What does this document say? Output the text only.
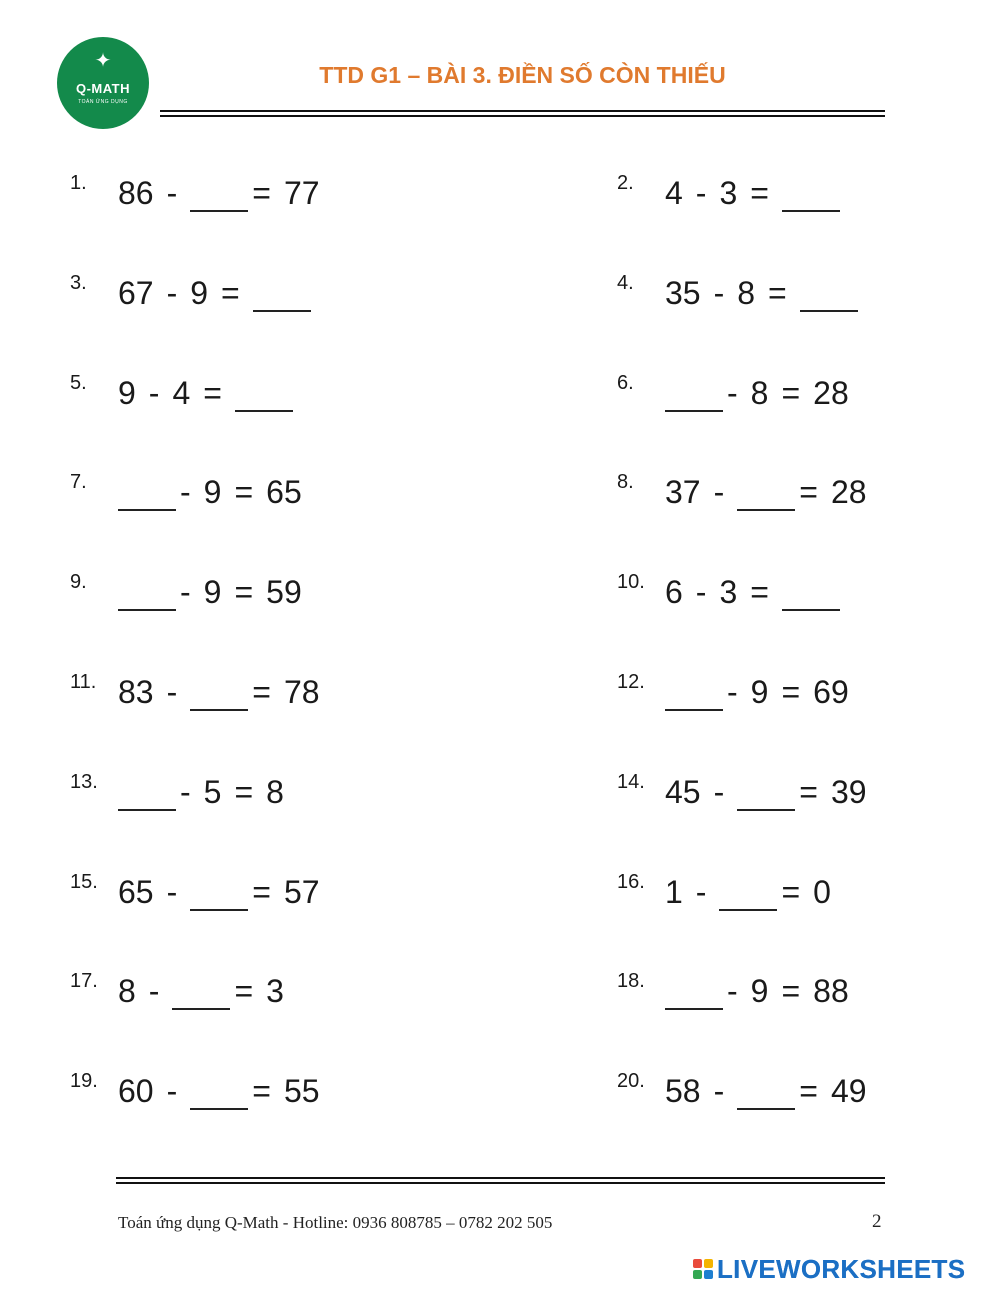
✦
Q-MATH
TOÁN ỨNG DỤNG
TTD G1 – BÀI 3. ĐIỀN SỐ CÒN THIẾU
1. 86 - = 77	2. 4 - 3 =
3. 67 - 9 =	4. 35 - 8 =
5. 9 - 4 =	6.	- 8 = 28
7.	- 9 = 65	8. 37 - = 28
9.	- 9 = 59	10. 6 - 3 =
11. 83 - = 78	12.	- 9 = 69
13.	- 5 = 8	14. 45 - = 39
15. 65 - = 57	16. 1 - = 0
17. 8 - = 3	18.	- 9 = 88
19. 60 - = 55	20. 58 - = 49
Toán ứng dụng Q-Math - Hotline: 0936 808785 – 0782 202 505	2
LIVEWORKSHEETS
